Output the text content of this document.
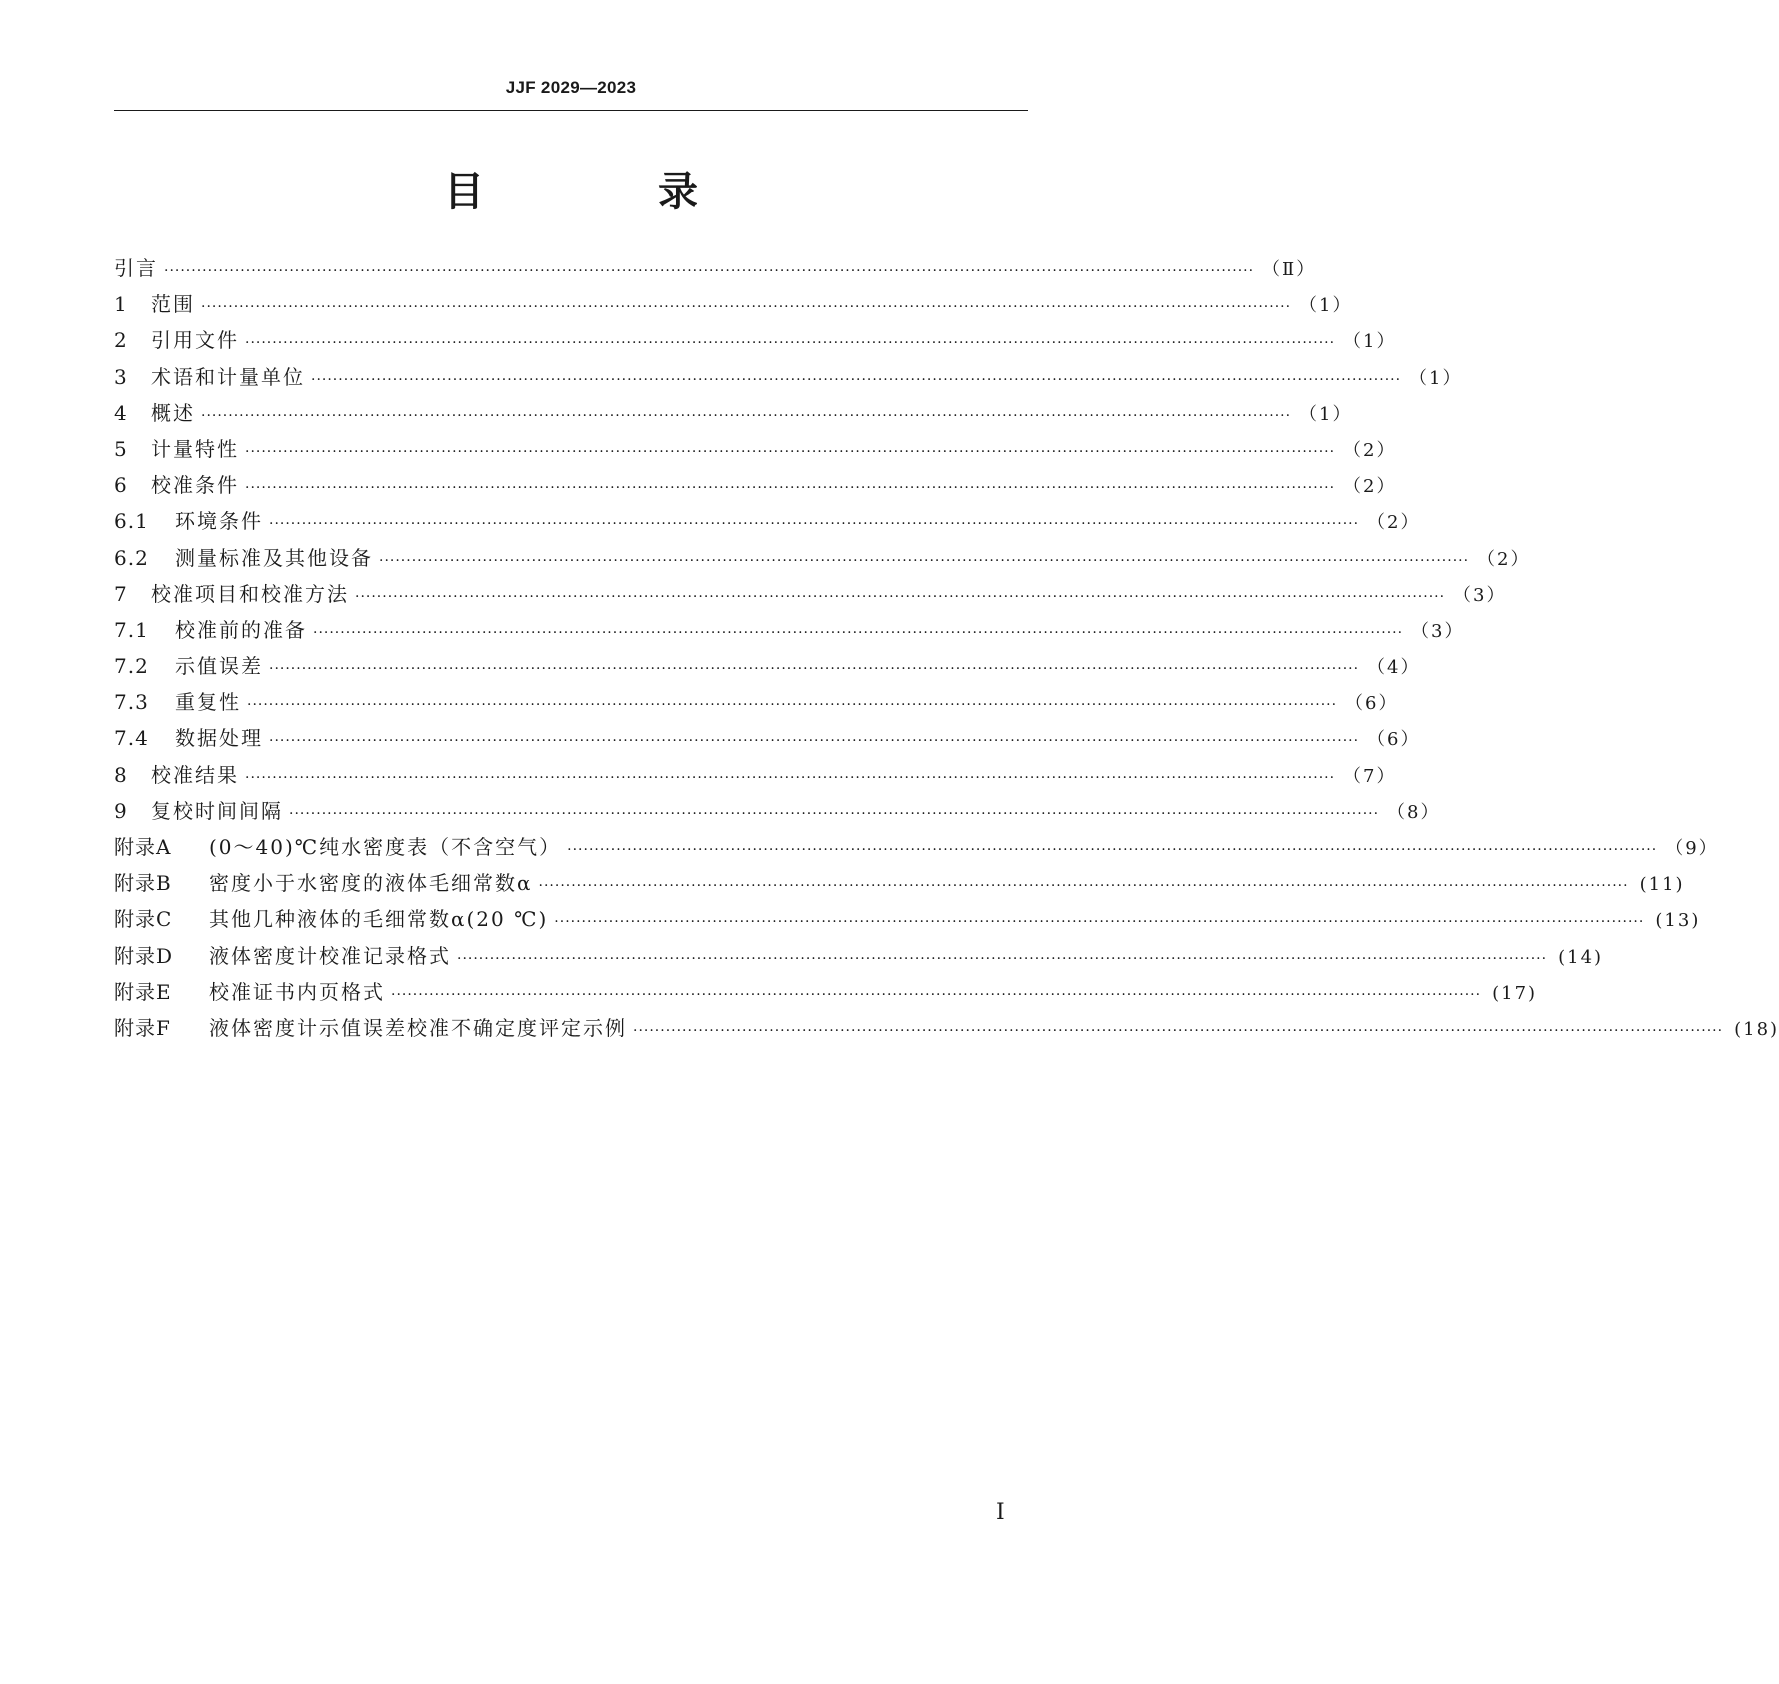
JJF 2029—2023
目 录
引言 ········································································································································································································ （Ⅱ）
1	范围 ········································································································································································································ （1）
2	引用文件 ········································································································································································································ （1）
3	术语和计量单位 ········································································································································································································ （1）
4	概述 ········································································································································································································ （1）
5	计量特性 ········································································································································································································ （2）
6	校准条件 ········································································································································································································ （2）
6.1	环境条件 ········································································································································································································ （2）
6.2	测量标准及其他设备 ········································································································································································································ （2）
7	校准项目和校准方法 ········································································································································································································ （3）
7.1	校准前的准备 ········································································································································································································ （3）
7.2	示值误差 ········································································································································································································ （4）
7.3	重复性 ········································································································································································································ （6）
7.4	数据处理 ········································································································································································································ （6）
8	校准结果 ········································································································································································································ （7）
9	复校时间间隔 ········································································································································································································ （8）
附录A	(0～40)℃纯水密度表（不含空气） ········································································································································································································ （9）
附录B	密度小于水密度的液体毛细常数α ········································································································································································································ (11)
附录C	其他几种液体的毛细常数α(20 ℃) ········································································································································································································ (13)
附录D	液体密度计校准记录格式 ········································································································································································································ (14)
附录E	校准证书内页格式 ········································································································································································································ (17)
附录F	液体密度计示值误差校准不确定度评定示例 ········································································································································································································ (18)
I
